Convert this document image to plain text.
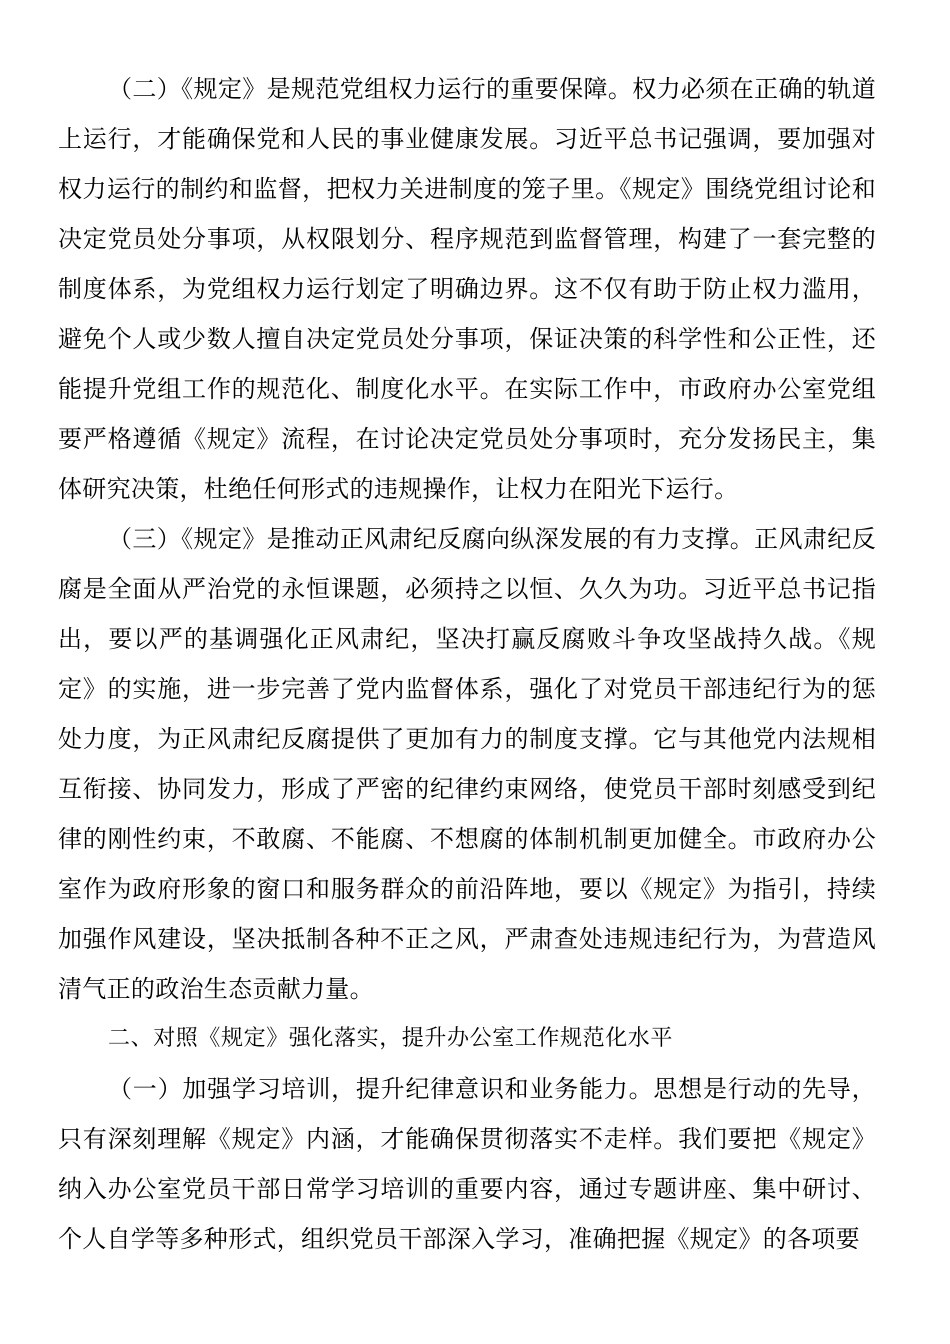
（二）《规定》是规范党组权力运行的重要保障。权力必须在正确的轨道上运行，才能确保党和人民的事业健康发展。习近平总书记强调，要加强对权力运行的制约和监督，把权力关进制度的笼子里。《规定》围绕党组讨论和决定党员处分事项，从权限划分、程序规范到监督管理，构建了一套完整的制度体系，为党组权力运行划定了明确边界。这不仅有助于防止权力滥用，避免个人或少数人擅自决定党员处分事项，保证决策的科学性和公正性，还能提升党组工作的规范化、制度化水平。在实际工作中，市政府办公室党组要严格遵循《规定》流程，在讨论决定党员处分事项时，充分发扬民主，集体研究决策，杜绝任何形式的违规操作，让权力在阳光下运行。

（三）《规定》是推动正风肃纪反腐向纵深发展的有力支撑。正风肃纪反腐是全面从严治党的永恒课题，必须持之以恒、久久为功。习近平总书记指出，要以严的基调强化正风肃纪，坚决打赢反腐败斗争攻坚战持久战。《规定》的实施，进一步完善了党内监督体系，强化了对党员干部违纪行为的惩处力度，为正风肃纪反腐提供了更加有力的制度支撑。它与其他党内法规相互衔接、协同发力，形成了严密的纪律约束网络，使党员干部时刻感受到纪律的刚性约束，不敢腐、不能腐、不想腐的体制机制更加健全。市政府办公室作为政府形象的窗口和服务群众的前沿阵地，要以《规定》为指引，持续加强作风建设，坚决抵制各种不正之风，严肃查处违规违纪行为，为营造风清气正的政治生态贡献力量。

二、对照《规定》强化落实，提升办公室工作规范化水平

（一）加强学习培训，提升纪律意识和业务能力。思想是行动的先导，只有深刻理解《规定》内涵，才能确保贯彻落实不走样。我们要把《规定》纳入办公室党员干部日常学习培训的重要内容，通过专题讲座、集中研讨、个人自学等多种形式，组织党员干部深入学习，准确把握《规定》的各项要
